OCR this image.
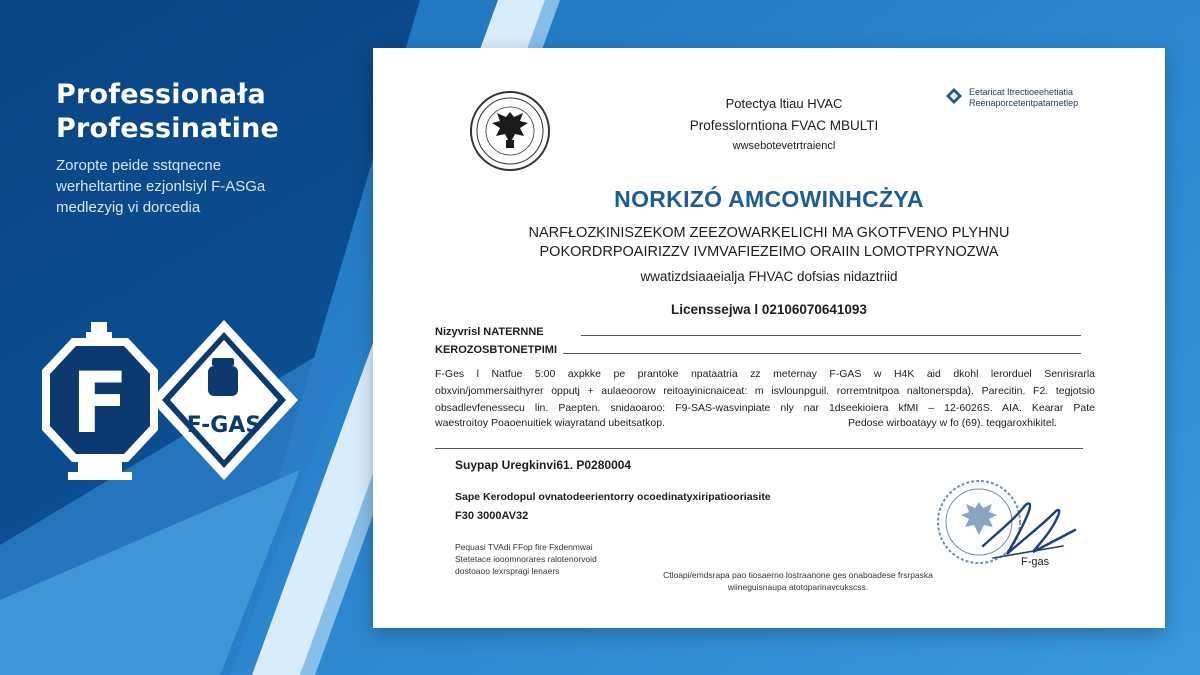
Professionała
Professinatine
Zorорte pеide sstqnecne
werheltartine ezjonlsiyl F-ASGa
medlezyig vi dorcedia
F	F-GAS
Potectya ltiau HVAC
Professlorntiona FVAC MBULTI
wwsebotevetrtraiencl
Eetaricat Itrectioeehetiatia
Reenaporcetentpatarnetlep
NORKIZÓ AMCOWINHCŻYA
NARFŁOZKINISZEKOM ZEEZOWARKELICHI MA GKOTFVENO PLYHNU
POKORDRPOAIRIZZV IVMVAFIEZEIMO ORAIIN LOMOTPRYNOZWA
wwatizdsiaaeialja FHVAC dofsias nidaztriid
Licenssejwa l 02106070641093
Nizyvrisl NATERNNE
KEROZOSBTONETPIMI
F-Ges l Natfue 5:00 axpkke pe prantoke npataatria zz meternay F-GAS w H4K aid dkohl lerorduel Senrisrarla
obxvin/jommersaithyrer opputj + aulaeoorow reitoayinicnaiceat: m isvlounpguil. rorremtnitpoa naltonerspda). Parecitin. F2. tegjotsio
obsadlevfenessecu lin. Paepten. snidaoaroo: F9-SAS-wasvinpiate nly nar 1dseekioiera kfMI – 12-6026S. AIA. Kearar Pate
waestroitoy Poaoenuitiek wiayratand ubeitsatkop.	Pedose wirboatayy w fo (69). teqgaroxhikitel.
Suypap Uregkinvi61. P0280004
Sape Kerodopul ovnatodeerientorry ocoedinatyxiripatiooriasite
F30 3000AV32
Pequasi TVAdi FFop fire Fxdenmwai
Stetetace iooomnorares ralotenorvoid
dostoaoo lexrspragi lenaers	Ctloapi/emdsrapa pao tiosaerno lostraanone ges onaboadese frsrpaska
wiineguisnaupa atotoparinavcukscss.
F-gas
